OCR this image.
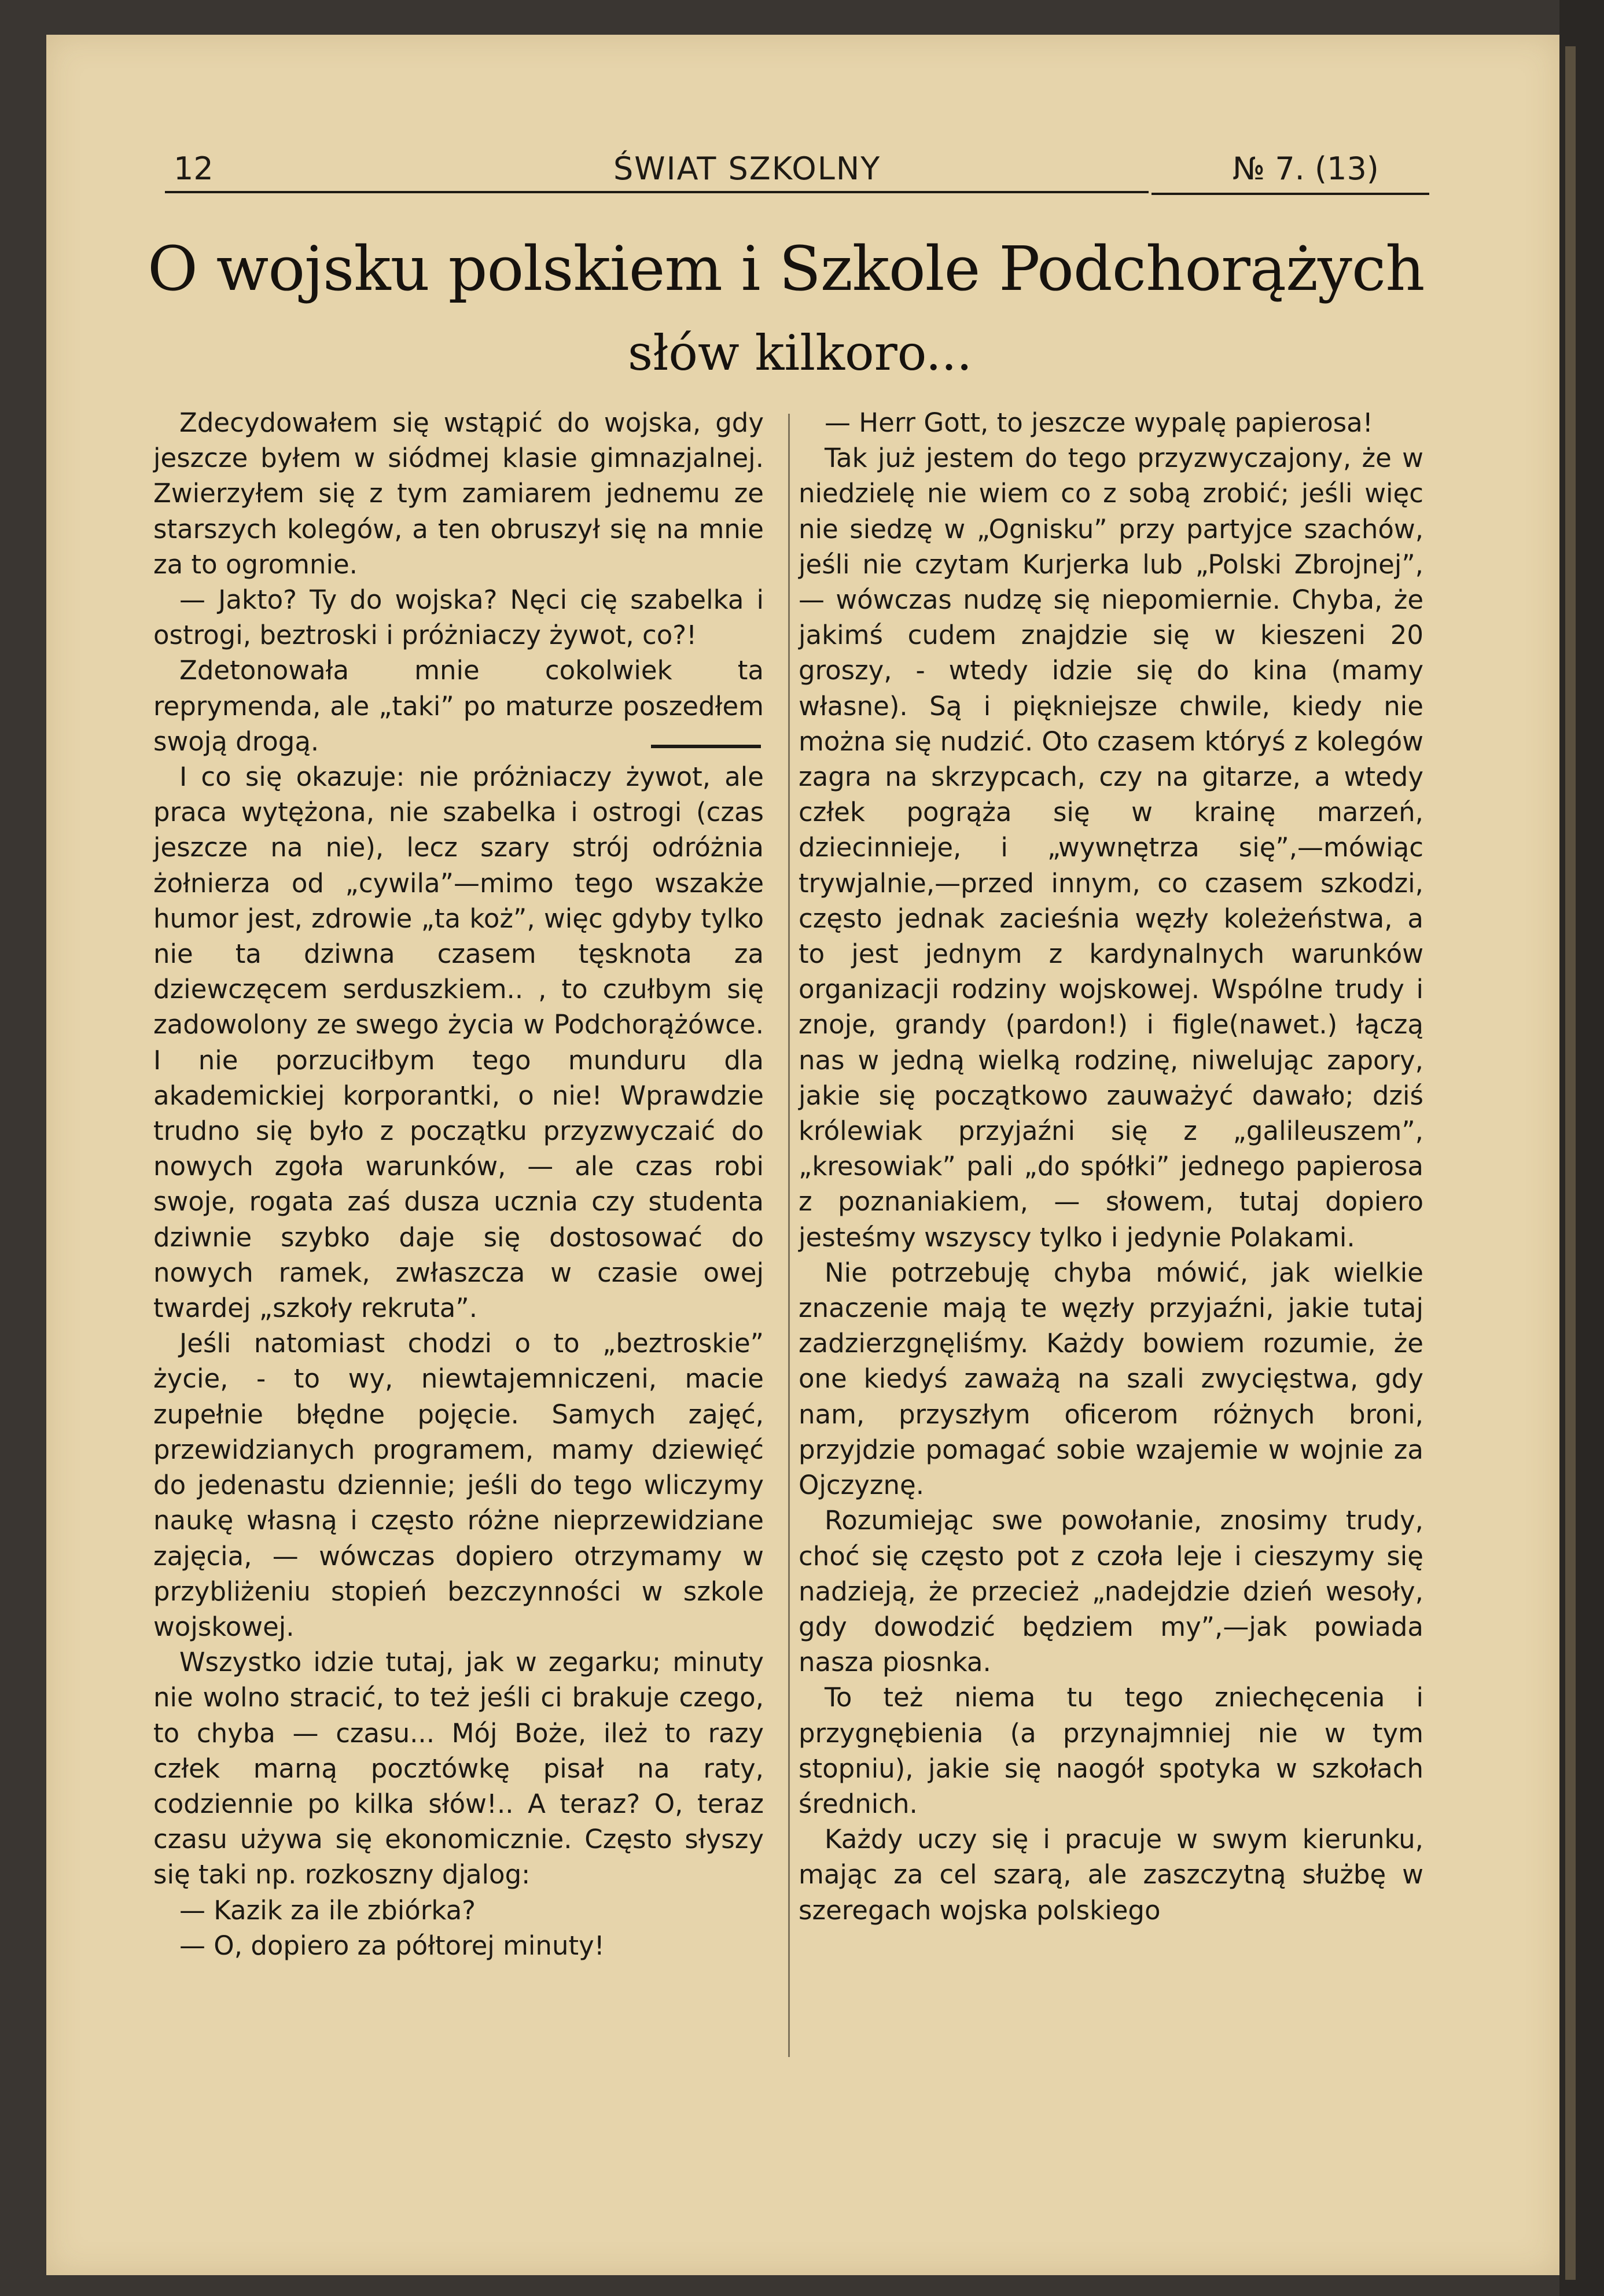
12	ŚWIAT SZKOLNY	№ 7. (13)
O wojsku polskiem i Szkole Podchorążych
słów kilkoro...

Zdecydowałem się wstąpić do wojska, gdy jeszcze byłem w siódmej klasie gimnazjalnej. Zwierzyłem się z tym zamiarem jednemu ze starszych kolegów, a ten obruszył się na mnie za to ogromnie.

— Jakto? Ty do wojska? Nęci cię szabelka i ostrogi, beztroski i próżniaczy żywot, co?!

Zdetonowała mnie cokolwiek ta reprymenda, ale „taki” po maturze poszedłem swoją drogą.

I co się okazuje: nie próżniaczy żywot, ale praca wytężona, nie szabelka i ostrogi (czas jeszcze na nie), lecz szary strój odróżnia żołnierza od „cywila”—mimo tego wszakże humor jest, zdrowie „ta koż”, więc gdyby tylko nie ta dziwna czasem tęsknota za dziewczęcem serduszkiem.. , to czułbym się zadowolony ze swego życia w Podchorążówce. I nie porzuciłbym tego munduru dla akademickiej korporantki, o nie! Wprawdzie trudno się było z początku przyzwyczaić do nowych zgoła warunków, — ale czas robi swoje, rogata zaś dusza ucznia czy studenta dziwnie szybko daje się dostosować do nowych ramek, zwłaszcza w czasie owej twardej „szkoły rekruta”.

Jeśli natomiast chodzi o to „beztroskie” życie, - to wy, niewtajemniczeni, macie zupełnie błędne pojęcie. Samych zajęć, przewidzianych programem, mamy dziewięć do jedenastu dziennie; jeśli do tego wliczymy naukę własną i często różne nieprzewidziane zajęcia, — wówczas dopiero otrzymamy w przybliżeniu stopień bezczynności w szkole wojskowej.

Wszystko idzie tutaj, jak w zegarku; minuty nie wolno stracić, to też jeśli ci brakuje czego, to chyba — czasu... Mój Boże, ileż to razy człek marną pocztówkę pisał na raty, codziennie po kilka słów!.. A teraz? O, teraz czasu używa się ekonomicznie. Często słyszy się taki np. rozkoszny djalog:

— Kazik za ile zbiórka?

— O, dopiero za półtorej minuty!

— Herr Gott, to jeszcze wypalę papierosa!

Tak już jestem do tego przyzwyczajony, że w niedzielę nie wiem co z sobą zrobić; jeśli więc nie siedzę w „Ognisku” przy partyjce szachów, jeśli nie czytam Kurjerka lub „Polski Zbrojnej”, — wówczas nudzę się niepomiernie. Chyba, że jakimś cudem znajdzie się w kieszeni 20 groszy, - wtedy idzie się do kina (mamy własne). Są i piękniejsze chwile, kiedy nie można się nudzić. Oto czasem któryś z kolegów zagra na skrzypcach, czy na gitarze, a wtedy człek pogrąża się w krainę marzeń, dziecinnieje, i „wywnętrza się”,—mówiąc trywjalnie,—przed innym, co czasem szkodzi, często jednak zacieśnia węzły koleżeństwa, a to jest jednym z kardynalnych warunków organizacji rodziny wojskowej. Wspólne trudy i znoje, grandy (pardon!) i figle(nawet.) łączą nas w jedną wielką rodzinę, niwelując zapory, jakie się początkowo zauważyć dawało; dziś królewiak przyjaźni się z „galileuszem”, „kresowiak” pali „do spółki” jednego papierosa z poznaniakiem, — słowem, tutaj dopiero jesteśmy wszyscy tylko i jedynie Polakami.

Nie potrzebuję chyba mówić, jak wielkie znaczenie mają te węzły przyjaźni, jakie tutaj zadzierzgnęliśmy. Każdy bowiem rozumie, że one kiedyś zaważą na szali zwycięstwa, gdy nam, przyszłym oficerom różnych broni, przyjdzie pomagać sobie wzajemie w wojnie za Ojczyznę.

Rozumiejąc swe powołanie, znosimy trudy, choć się często pot z czoła leje i cieszymy się nadzieją, że przecież „nadejdzie dzień wesoły, gdy dowodzić będziem my”,—jak powiada nasza piosnka.

To też niema tu tego zniechęcenia i przygnębienia (a przynajmniej nie w tym stopniu), jakie się naogół spotyka w szkołach średnich.

Każdy uczy się i pracuje w swym kierunku, mając za cel szarą, ale zaszczytną służbę w szeregach wojska polskiego
